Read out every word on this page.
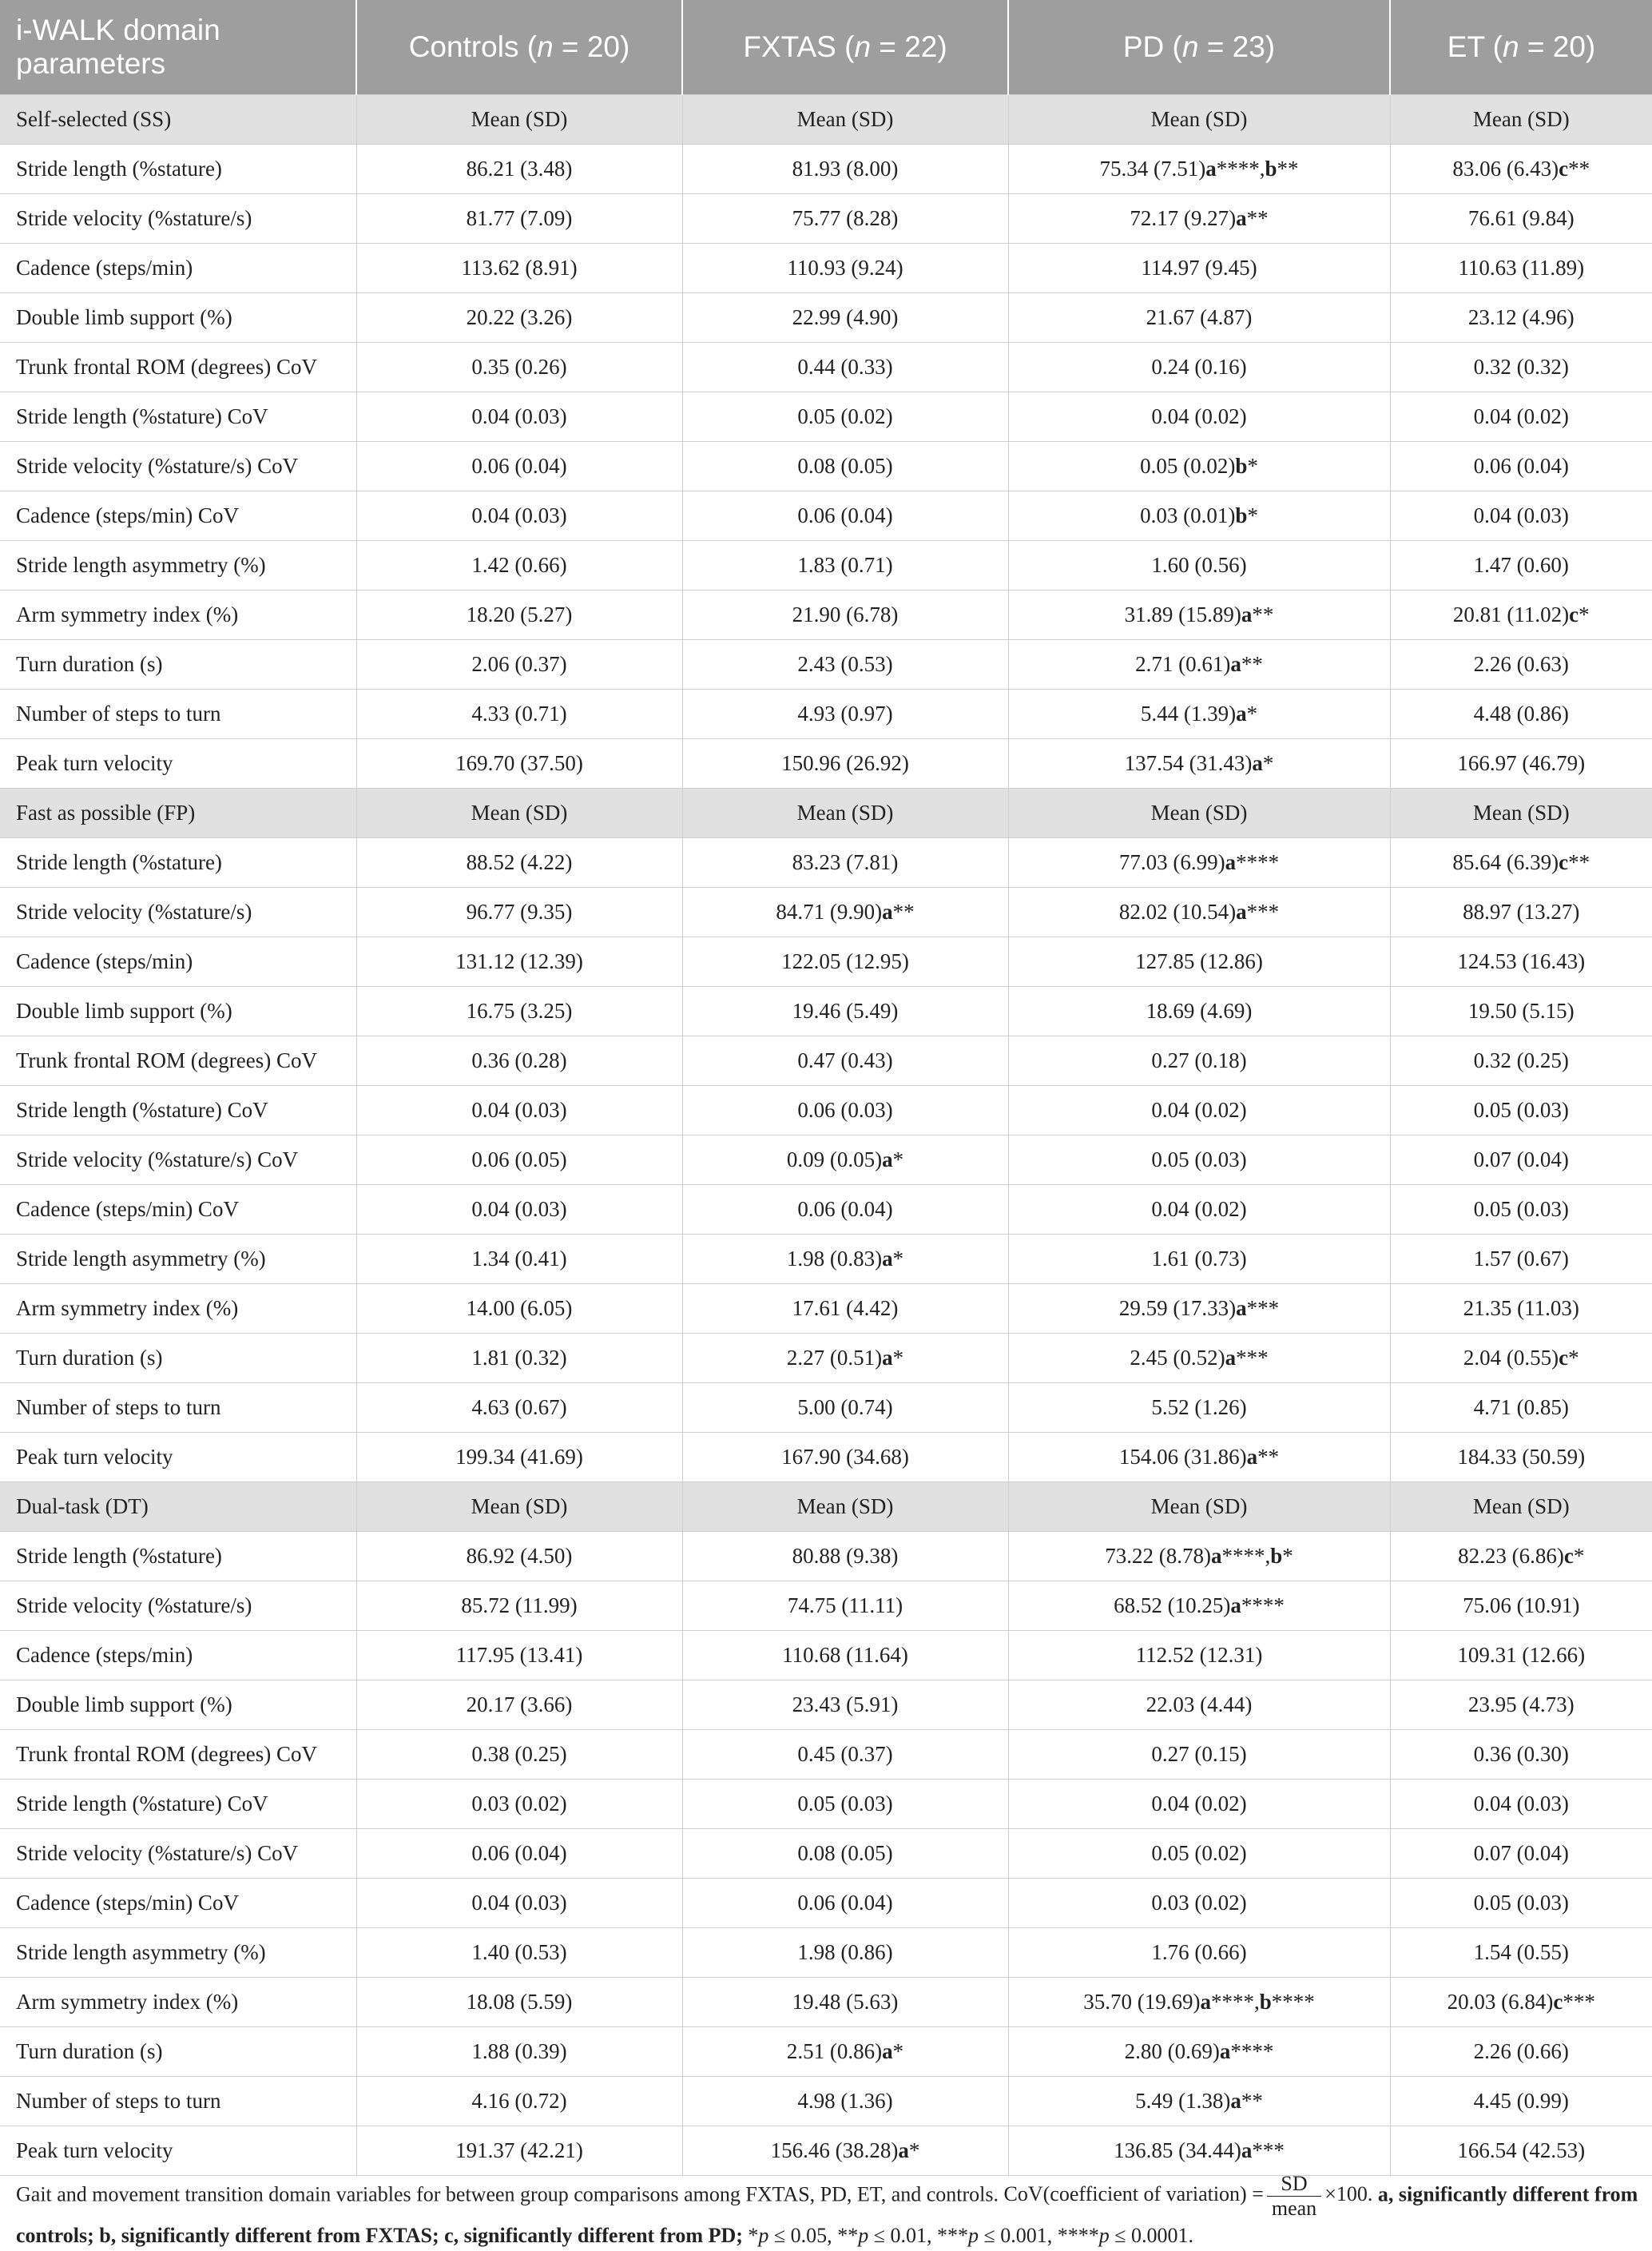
i-WALK domain parameters	Controls (n = 20)	FXTAS (n = 22)	PD (n = 23)	ET (n = 20)
Self-selected (SS)	Mean (SD)	Mean (SD)	Mean (SD)	Mean (SD)
Stride length (%stature)	86.21 (3.48)	81.93 (8.00)	75.34 (7.51)a****,b**	83.06 (6.43)c**
Stride velocity (%stature/s)	81.77 (7.09)	75.77 (8.28)	72.17 (9.27)a**	76.61 (9.84)
Cadence (steps/min)	113.62 (8.91)	110.93 (9.24)	114.97 (9.45)	110.63 (11.89)
Double limb support (%)	20.22 (3.26)	22.99 (4.90)	21.67 (4.87)	23.12 (4.96)
Trunk frontal ROM (degrees) CoV	0.35 (0.26)	0.44 (0.33)	0.24 (0.16)	0.32 (0.32)
Stride length (%stature) CoV	0.04 (0.03)	0.05 (0.02)	0.04 (0.02)	0.04 (0.02)
Stride velocity (%stature/s) CoV	0.06 (0.04)	0.08 (0.05)	0.05 (0.02)b*	0.06 (0.04)
Cadence (steps/min) CoV	0.04 (0.03)	0.06 (0.04)	0.03 (0.01)b*	0.04 (0.03)
Stride length asymmetry (%)	1.42 (0.66)	1.83 (0.71)	1.60 (0.56)	1.47 (0.60)
Arm symmetry index (%)	18.20 (5.27)	21.90 (6.78)	31.89 (15.89)a**	20.81 (11.02)c*
Turn duration (s)	2.06 (0.37)	2.43 (0.53)	2.71 (0.61)a**	2.26 (0.63)
Number of steps to turn	4.33 (0.71)	4.93 (0.97)	5.44 (1.39)a*	4.48 (0.86)
Peak turn velocity	169.70 (37.50)	150.96 (26.92)	137.54 (31.43)a*	166.97 (46.79)
Fast as possible (FP)	Mean (SD)	Mean (SD)	Mean (SD)	Mean (SD)
Stride length (%stature)	88.52 (4.22)	83.23 (7.81)	77.03 (6.99)a****	85.64 (6.39)c**
Stride velocity (%stature/s)	96.77 (9.35)	84.71 (9.90)a**	82.02 (10.54)a***	88.97 (13.27)
Cadence (steps/min)	131.12 (12.39)	122.05 (12.95)	127.85 (12.86)	124.53 (16.43)
Double limb support (%)	16.75 (3.25)	19.46 (5.49)	18.69 (4.69)	19.50 (5.15)
Trunk frontal ROM (degrees) CoV	0.36 (0.28)	0.47 (0.43)	0.27 (0.18)	0.32 (0.25)
Stride length (%stature) CoV	0.04 (0.03)	0.06 (0.03)	0.04 (0.02)	0.05 (0.03)
Stride velocity (%stature/s) CoV	0.06 (0.05)	0.09 (0.05)a*	0.05 (0.03)	0.07 (0.04)
Cadence (steps/min) CoV	0.04 (0.03)	0.06 (0.04)	0.04 (0.02)	0.05 (0.03)
Stride length asymmetry (%)	1.34 (0.41)	1.98 (0.83)a*	1.61 (0.73)	1.57 (0.67)
Arm symmetry index (%)	14.00 (6.05)	17.61 (4.42)	29.59 (17.33)a***	21.35 (11.03)
Turn duration (s)	1.81 (0.32)	2.27 (0.51)a*	2.45 (0.52)a***	2.04 (0.55)c*
Number of steps to turn	4.63 (0.67)	5.00 (0.74)	5.52 (1.26)	4.71 (0.85)
Peak turn velocity	199.34 (41.69)	167.90 (34.68)	154.06 (31.86)a**	184.33 (50.59)
Dual-task (DT)	Mean (SD)	Mean (SD)	Mean (SD)	Mean (SD)
Stride length (%stature)	86.92 (4.50)	80.88 (9.38)	73.22 (8.78)a****,b*	82.23 (6.86)c*
Stride velocity (%stature/s)	85.72 (11.99)	74.75 (11.11)	68.52 (10.25)a****	75.06 (10.91)
Cadence (steps/min)	117.95 (13.41)	110.68 (11.64)	112.52 (12.31)	109.31 (12.66)
Double limb support (%)	20.17 (3.66)	23.43 (5.91)	22.03 (4.44)	23.95 (4.73)
Trunk frontal ROM (degrees) CoV	0.38 (0.25)	0.45 (0.37)	0.27 (0.15)	0.36 (0.30)
Stride length (%stature) CoV	0.03 (0.02)	0.05 (0.03)	0.04 (0.02)	0.04 (0.03)
Stride velocity (%stature/s) CoV	0.06 (0.04)	0.08 (0.05)	0.05 (0.02)	0.07 (0.04)
Cadence (steps/min) CoV	0.04 (0.03)	0.06 (0.04)	0.03 (0.02)	0.05 (0.03)
Stride length asymmetry (%)	1.40 (0.53)	1.98 (0.86)	1.76 (0.66)	1.54 (0.55)
Arm symmetry index (%)	18.08 (5.59)	19.48 (5.63)	35.70 (19.69)a****,b****	20.03 (6.84)c***
Turn duration (s)	1.88 (0.39)	2.51 (0.86)a*	2.80 (0.69)a****	2.26 (0.66)
Number of steps to turn	4.16 (0.72)	4.98 (1.36)	5.49 (1.38)a**	4.45 (0.99)
Peak turn velocity	191.37 (42.21)	156.46 (38.28)a*	136.85 (34.44)a***	166.54 (42.53)
Gait and movement transition domain variables for between group comparisons among FXTAS, PD, ET, and controls. CoV(coefficient of variation) = $\frac{SD}{\text{mean}} \times 100$. a, significantly different from controls; b, significantly different from FXTAS; c, significantly different from PD; *p ≤ 0.05, **p ≤ 0.01, ***p ≤ 0.001, ****p ≤ 0.0001.
